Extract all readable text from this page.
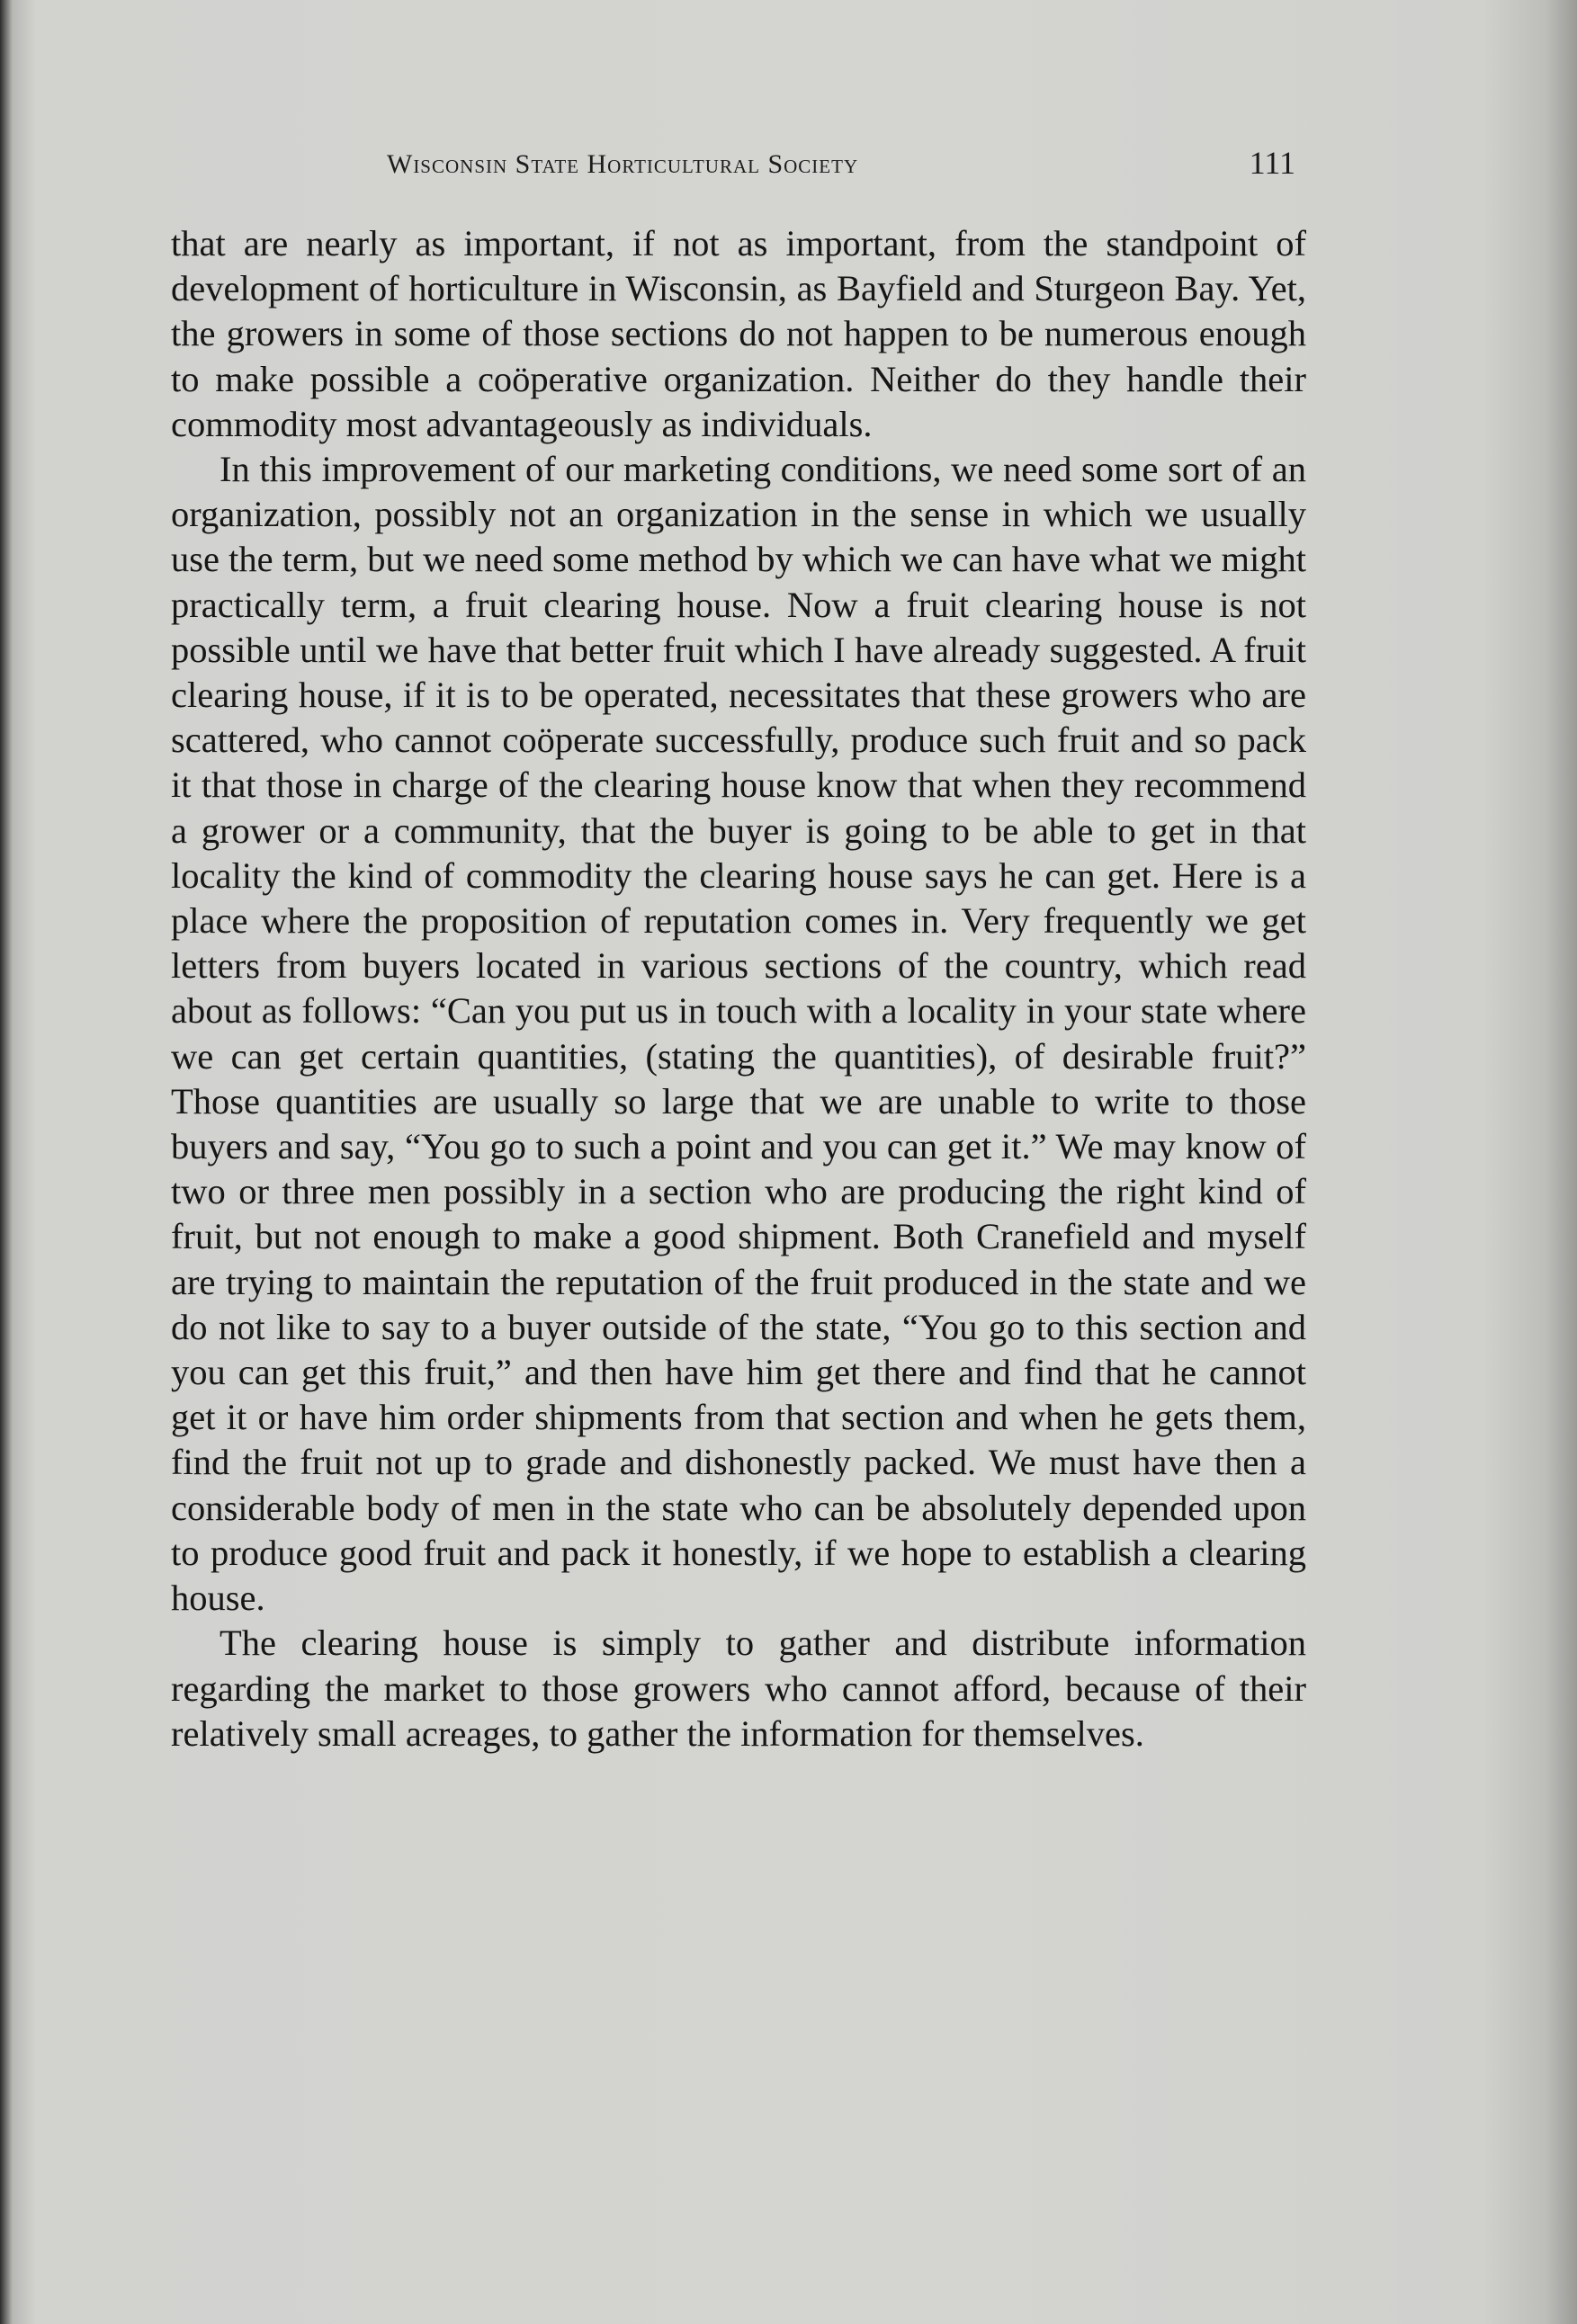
Wisconsin State Horticultural Society	111

that are nearly as important, if not as important, from the standpoint of development of horticulture in Wisconsin, as Bayfield and Sturgeon Bay. Yet, the growers in some of those sections do not happen to be numerous enough to make possible a coöperative organization. Neither do they handle their commodity most advantageously as individuals.

In this improvement of our marketing conditions, we need some sort of an organization, possibly not an organization in the sense in which we usually use the term, but we need some method by which we can have what we might practically term, a fruit clearing house. Now a fruit clearing house is not possible until we have that better fruit which I have already suggested. A fruit clearing house, if it is to be operated, necessitates that these growers who are scattered, who cannot coöperate successfully, produce such fruit and so pack it that those in charge of the clearing house know that when they recommend a grower or a community, that the buyer is going to be able to get in that locality the kind of commodity the clearing house says he can get. Here is a place where the proposition of reputation comes in. Very frequently we get letters from buyers located in various sections of the country, which read about as follows: “Can you put us in touch with a locality in your state where we can get certain quantities, (stating the quantities), of desirable fruit?” Those quantities are usually so large that we are unable to write to those buyers and say, “You go to such a point and you can get it.” We may know of two or three men possibly in a section who are producing the right kind of fruit, but not enough to make a good shipment. Both Cranefield and myself are trying to maintain the reputation of the fruit produced in the state and we do not like to say to a buyer outside of the state, “You go to this section and you can get this fruit,” and then have him get there and find that he cannot get it or have him order shipments from that section and when he gets them, find the fruit not up to grade and dishonestly packed. We must have then a considerable body of men in the state who can be absolutely depended upon to produce good fruit and pack it honestly, if we hope to establish a clearing house.

The clearing house is simply to gather and distribute information regarding the market to those growers who cannot afford, because of their relatively small acreages, to gather the information for themselves.
